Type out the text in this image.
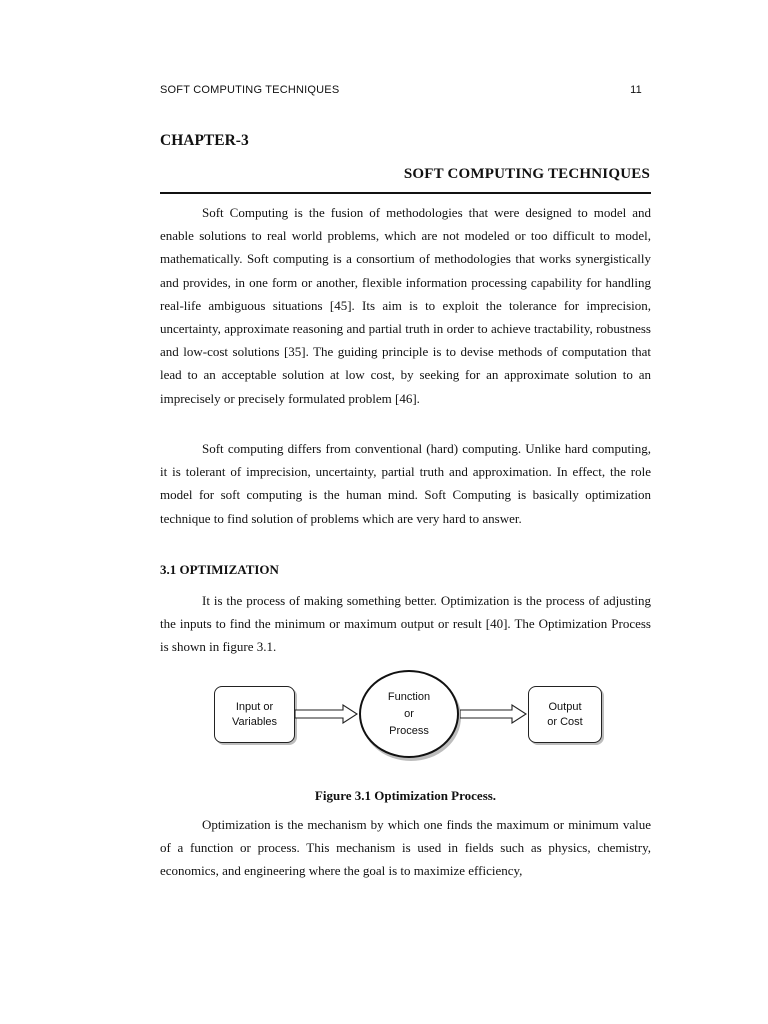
SOFT COMPUTING TECHNIQUES	11
CHAPTER-3
SOFT COMPUTING TECHNIQUES

Soft Computing is the fusion of methodologies that were designed to model and enable solutions to real world problems, which are not modeled or too difficult to model, mathematically. Soft computing is a consortium of methodologies that works synergistically and provides, in one form or another, flexible information processing capability for handling real-life ambiguous situations [45]. Its aim is to exploit the tolerance for imprecision, uncertainty, approximate reasoning and partial truth in order to achieve tractability, robustness and low-cost solutions [35]. The guiding principle is to devise methods of computation that lead to an acceptable solution at low cost, by seeking for an approximate solution to an imprecisely or precisely formulated problem [46].

Soft computing differs from conventional (hard) computing. Unlike hard computing, it is tolerant of imprecision, uncertainty, partial truth and approximation. In effect, the role model for soft computing is the human mind. Soft Computing is basically optimization technique to find solution of problems which are very hard to answer.

3.1 OPTIMIZATION

It is the process of making something better. Optimization is the process of adjusting the inputs to find the minimum or maximum output or result [40]. The Optimization Process is shown in figure 3.1.

Input or
Variables
Function
or
Process
Output
or Cost
Figure 3.1 Optimization Process.

Optimization is the mechanism by which one finds the maximum or minimum value of a function or process. This mechanism is used in fields such as physics, chemistry, economics, and engineering where the goal is to maximize efficiency,
